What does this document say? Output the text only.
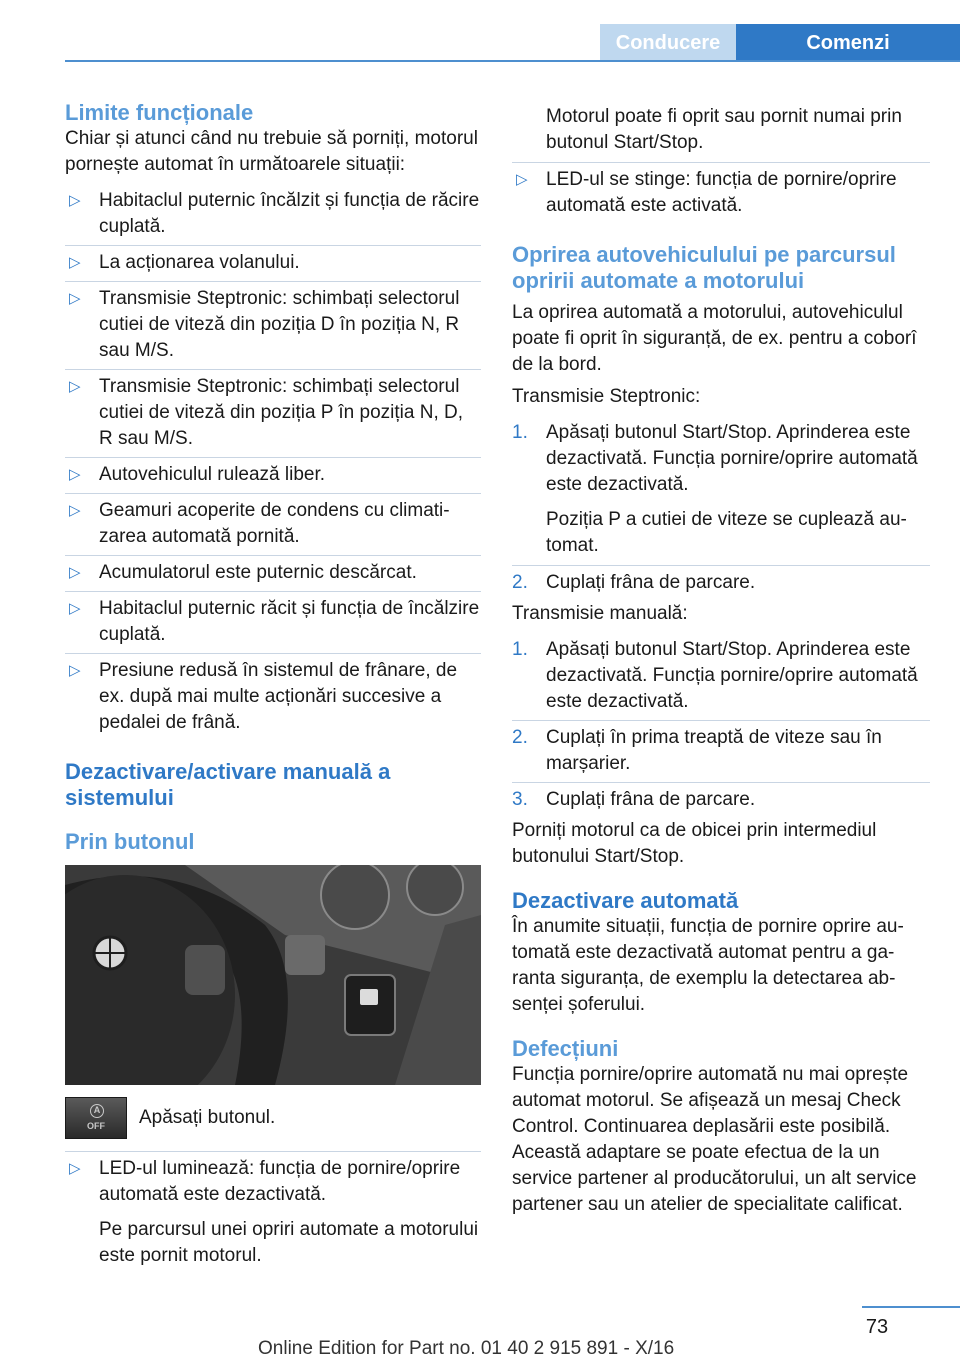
Conducere	Comenzi
Limite funcționale
Chiar și atunci când nu trebuie să porniți, motorul pornește automat în următoarele situații:
▷ Habitaclul puternic încălzit și funcția de răcire cuplată.
▷ La acționarea volanului.
▷ Transmisie Steptronic: schimbați selectorul cutiei de viteză din poziția D în poziția N, R sau M/S.
▷ Transmisie Steptronic: schimbați selectorul cutiei de viteză din poziția P în poziția N, D, R sau M/S.
▷ Autovehiculul rulează liber.
▷ Geamuri acoperite de condens cu climatizarea automată pornită.
▷ Acumulatorul este puternic descărcat.
▷ Habitaclul puternic răcit și funcția de încălzire cuplată.
▷ Presiune redusă în sistemul de frânare, de ex. după mai multe acționări succesive a pedalei de frână.
Dezactivare/activare manuală a sistemului
Prin butonul
A
OFF	Apăsați butonul.
▷ LED-ul luminează: funcția de pornire/oprire automată este dezactivată.
Pe parcursul unei opriri automate a motorului este pornit motorul.
Motorul poate fi oprit sau pornit numai prin butonul Start/Stop.
▷ LED-ul se stinge: funcția de pornire/oprire automată este activată.
Oprirea autovehiculului pe parcursul opririi automate a motorului
La oprirea automată a motorului, autovehiculul poate fi oprit în siguranță, de ex. pentru a coborî de la bord.
Transmisie Steptronic:
1. Apăsați butonul Start/Stop. Aprinderea este dezactivată. Funcția pornire/oprire automată este dezactivată.
Poziția P a cutiei de viteze se cuplează automat.
2. Cuplați frâna de parcare.
Transmisie manuală:
1. Apăsați butonul Start/Stop. Aprinderea este dezactivată. Funcția pornire/oprire automată este dezactivată.
2. Cuplați în prima treaptă de viteze sau în marșarier.
3. Cuplați frâna de parcare.
Porniți motorul ca de obicei prin intermediul butonului Start/Stop.
Dezactivare automată
În anumite situații, funcția de pornire oprire automată este dezactivată automat pentru a garanta siguranța, de exemplu la detectarea absenței șoferului.
Defecțiuni
Funcția pornire/oprire automată nu mai oprește automat motorul. Se afișează un mesaj Check Control. Continuarea deplasării este posibilă. Această adaptare se poate efectua de la un service partener al producătorului, un alt service partener sau un atelier de specialitate calificat.
73
Online Edition for Part no. 01 40 2 915 891 - X/16
